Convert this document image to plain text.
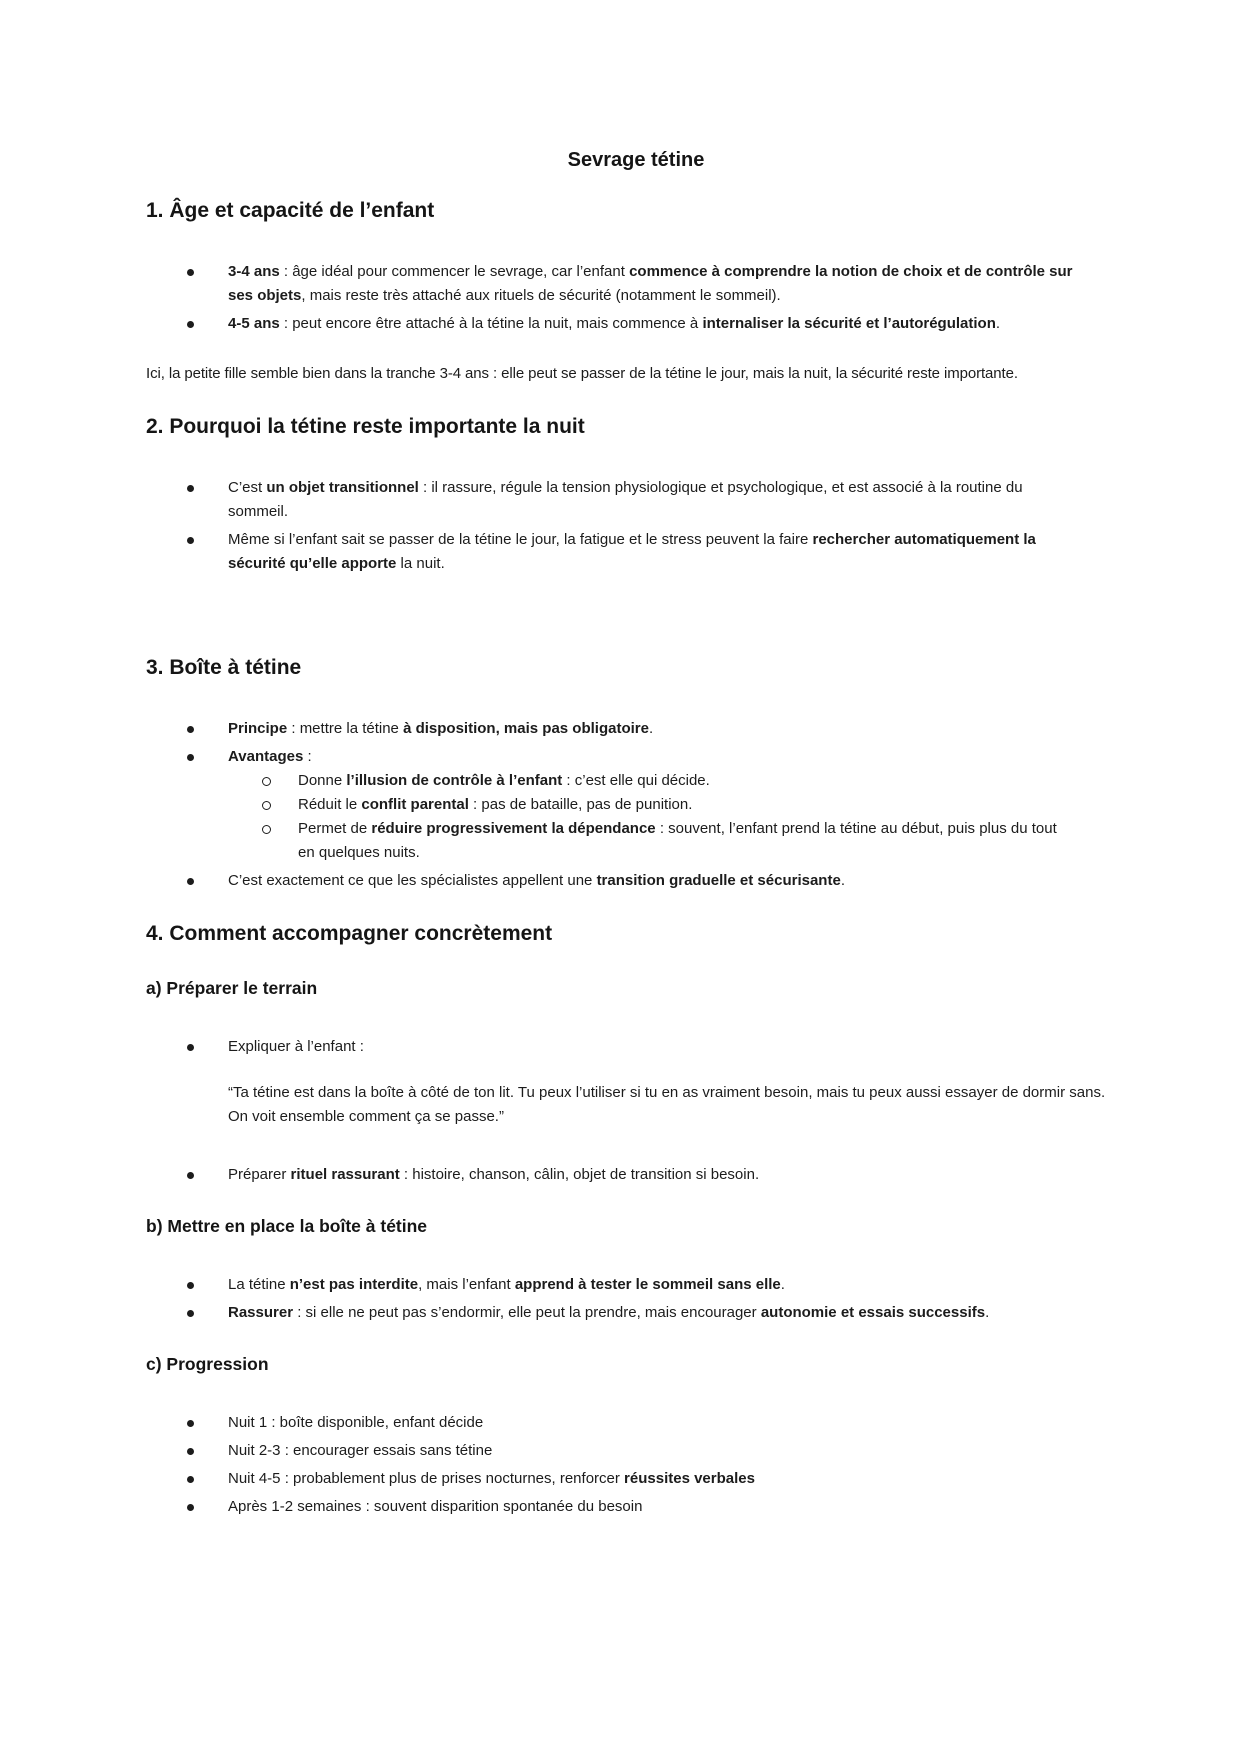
Sevrage tétine
1. Âge et capacité de l’enfant
3-4 ans : âge idéal pour commencer le sevrage, car l’enfant commence à comprendre la notion de choix et de contrôle sur ses objets, mais reste très attaché aux rituels de sécurité (notamment le sommeil).
4-5 ans : peut encore être attaché à la tétine la nuit, mais commence à internaliser la sécurité et l’autorégulation.
Ici, la petite fille semble bien dans la tranche 3-4 ans : elle peut se passer de la tétine le jour, mais la nuit, la sécurité reste importante.
2. Pourquoi la tétine reste importante la nuit
C’est un objet transitionnel : il rassure, régule la tension physiologique et psychologique, et est associé à la routine du sommeil.
Même si l’enfant sait se passer de la tétine le jour, la fatigue et le stress peuvent la faire rechercher automatiquement la sécurité qu’elle apporte la nuit.
3. Boîte à tétine
Principe : mettre la tétine à disposition, mais pas obligatoire.
Avantages :
Donne l’illusion de contrôle à l’enfant : c’est elle qui décide.
Réduit le conflit parental : pas de bataille, pas de punition.
Permet de réduire progressivement la dépendance : souvent, l’enfant prend la tétine au début, puis plus du tout en quelques nuits.
C’est exactement ce que les spécialistes appellent une transition graduelle et sécurisante.
4. Comment accompagner concrètement
a) Préparer le terrain
Expliquer à l’enfant :
“Ta tétine est dans la boîte à côté de ton lit. Tu peux l’utiliser si tu en as vraiment besoin, mais tu peux aussi essayer de dormir sans. On voit ensemble comment ça se passe.”
Préparer rituel rassurant : histoire, chanson, câlin, objet de transition si besoin.
b) Mettre en place la boîte à tétine
La tétine n’est pas interdite, mais l’enfant apprend à tester le sommeil sans elle.
Rassurer : si elle ne peut pas s’endormir, elle peut la prendre, mais encourager autonomie et essais successifs.
c) Progression
Nuit 1 : boîte disponible, enfant décide
Nuit 2-3 : encourager essais sans tétine
Nuit 4-5 : probablement plus de prises nocturnes, renforcer réussites verbales
Après 1-2 semaines : souvent disparition spontanée du besoin
